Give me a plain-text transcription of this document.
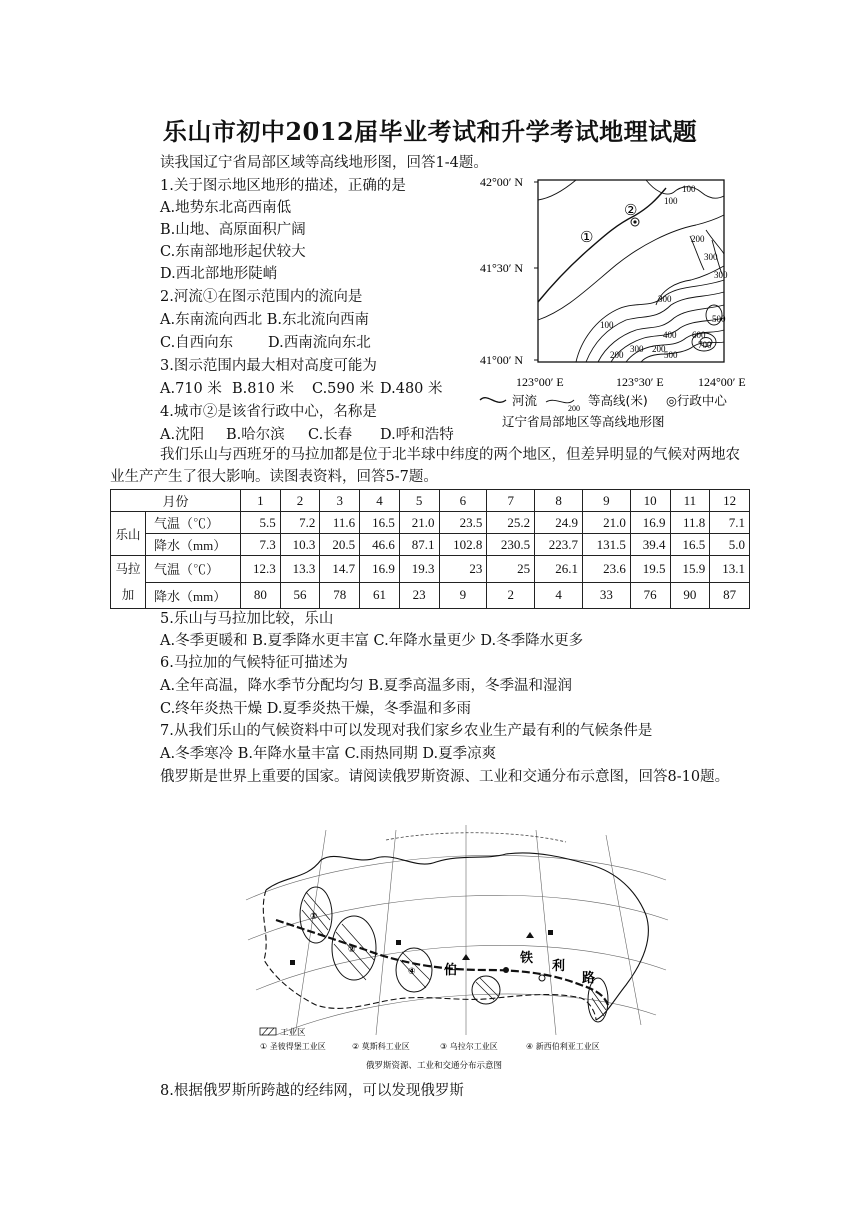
乐山市初中2012届毕业考试和升学考试地理试题
读我国辽宁省局部区域等高线地形图，回答1-4题。
1.关于图示地区地形的描述，正确的是
A.地势东北高西南低
B.山地、高原面积广阔
C.东南部地形起伏较大
D.西北部地形陡峭
2.河流①在图示范围内的流向是
A.东南流向西北 B.东北流向西南
C.自西向东 D.西南流向东北
3.图示范围内最大相对高度可能为
A.710 米 B.810 米 C.590 米 D.480 米
4.城市②是该省行政中心，名称是
A.沈阳 B.哈尔滨 C.长春 D.呼和浩特
42°00′ N
41°30′ N
41°00′ N
123°00′ E	123°30′ E	124°00′ E
100
100
200
300
300
300
500
100
200
300
400
500
600
700
200
①
②
河流
200
等高线(米) ◎行政中心
辽宁省局部地区等高线地形图
我们乐山与西班牙的马拉加都是位于北半球中纬度的两个地区，但差异明显的气候对两地农业生产产生了很大影响。读图表资料，回答5-7题。
月份		1	2	3	4	5	6	7	8	9	10	11	12
乐山	气温（℃）	5.5	7.2	11.6	16.5	21.0	23.5	25.2	24.9	21.0	16.9	11.8	7.1
	降水（mm）	7.3	10.3	20.5	46.6	87.1	102.8	230.5	223.7	131.5	39.4	16.5	5.0
马拉加	气温（℃）	12.3	13.3	14.7	16.9	19.3	23	25	26.1	23.6	19.5	15.9	13.1
	降水（mm）	80	56	78	61	23	9	2	4	33	76	90	87
5.乐山与马拉加比较，乐山
A.冬季更暖和 B.夏季降水更丰富 C.年降水量更少 D.冬季降水更多
6.马拉加的气候特征可描述为
A.全年高温，降水季节分配均匀 B.夏季高温多雨，冬季温和湿润
C.终年炎热干燥 D.夏季炎热干燥，冬季温和多雨
7.从我们乐山的气候资料中可以发现对我们家乡农业生产最有利的气候条件是
A.冬季寒冷 B.年降水量丰富 C.雨热同期 D.夏季凉爽
俄罗斯是世界上重要的国家。请阅读俄罗斯资源、工业和交通分布示意图，回答8-10题。
①
②
④ 伯
铁
利
路
工业区
① 圣彼得堡工业区	② 莫斯科工业区	③ 乌拉尔工业区	④ 新西伯利亚工业区
俄罗斯资源、工业和交通分布示意图
8.根据俄罗斯所跨越的经纬网，可以发现俄罗斯
